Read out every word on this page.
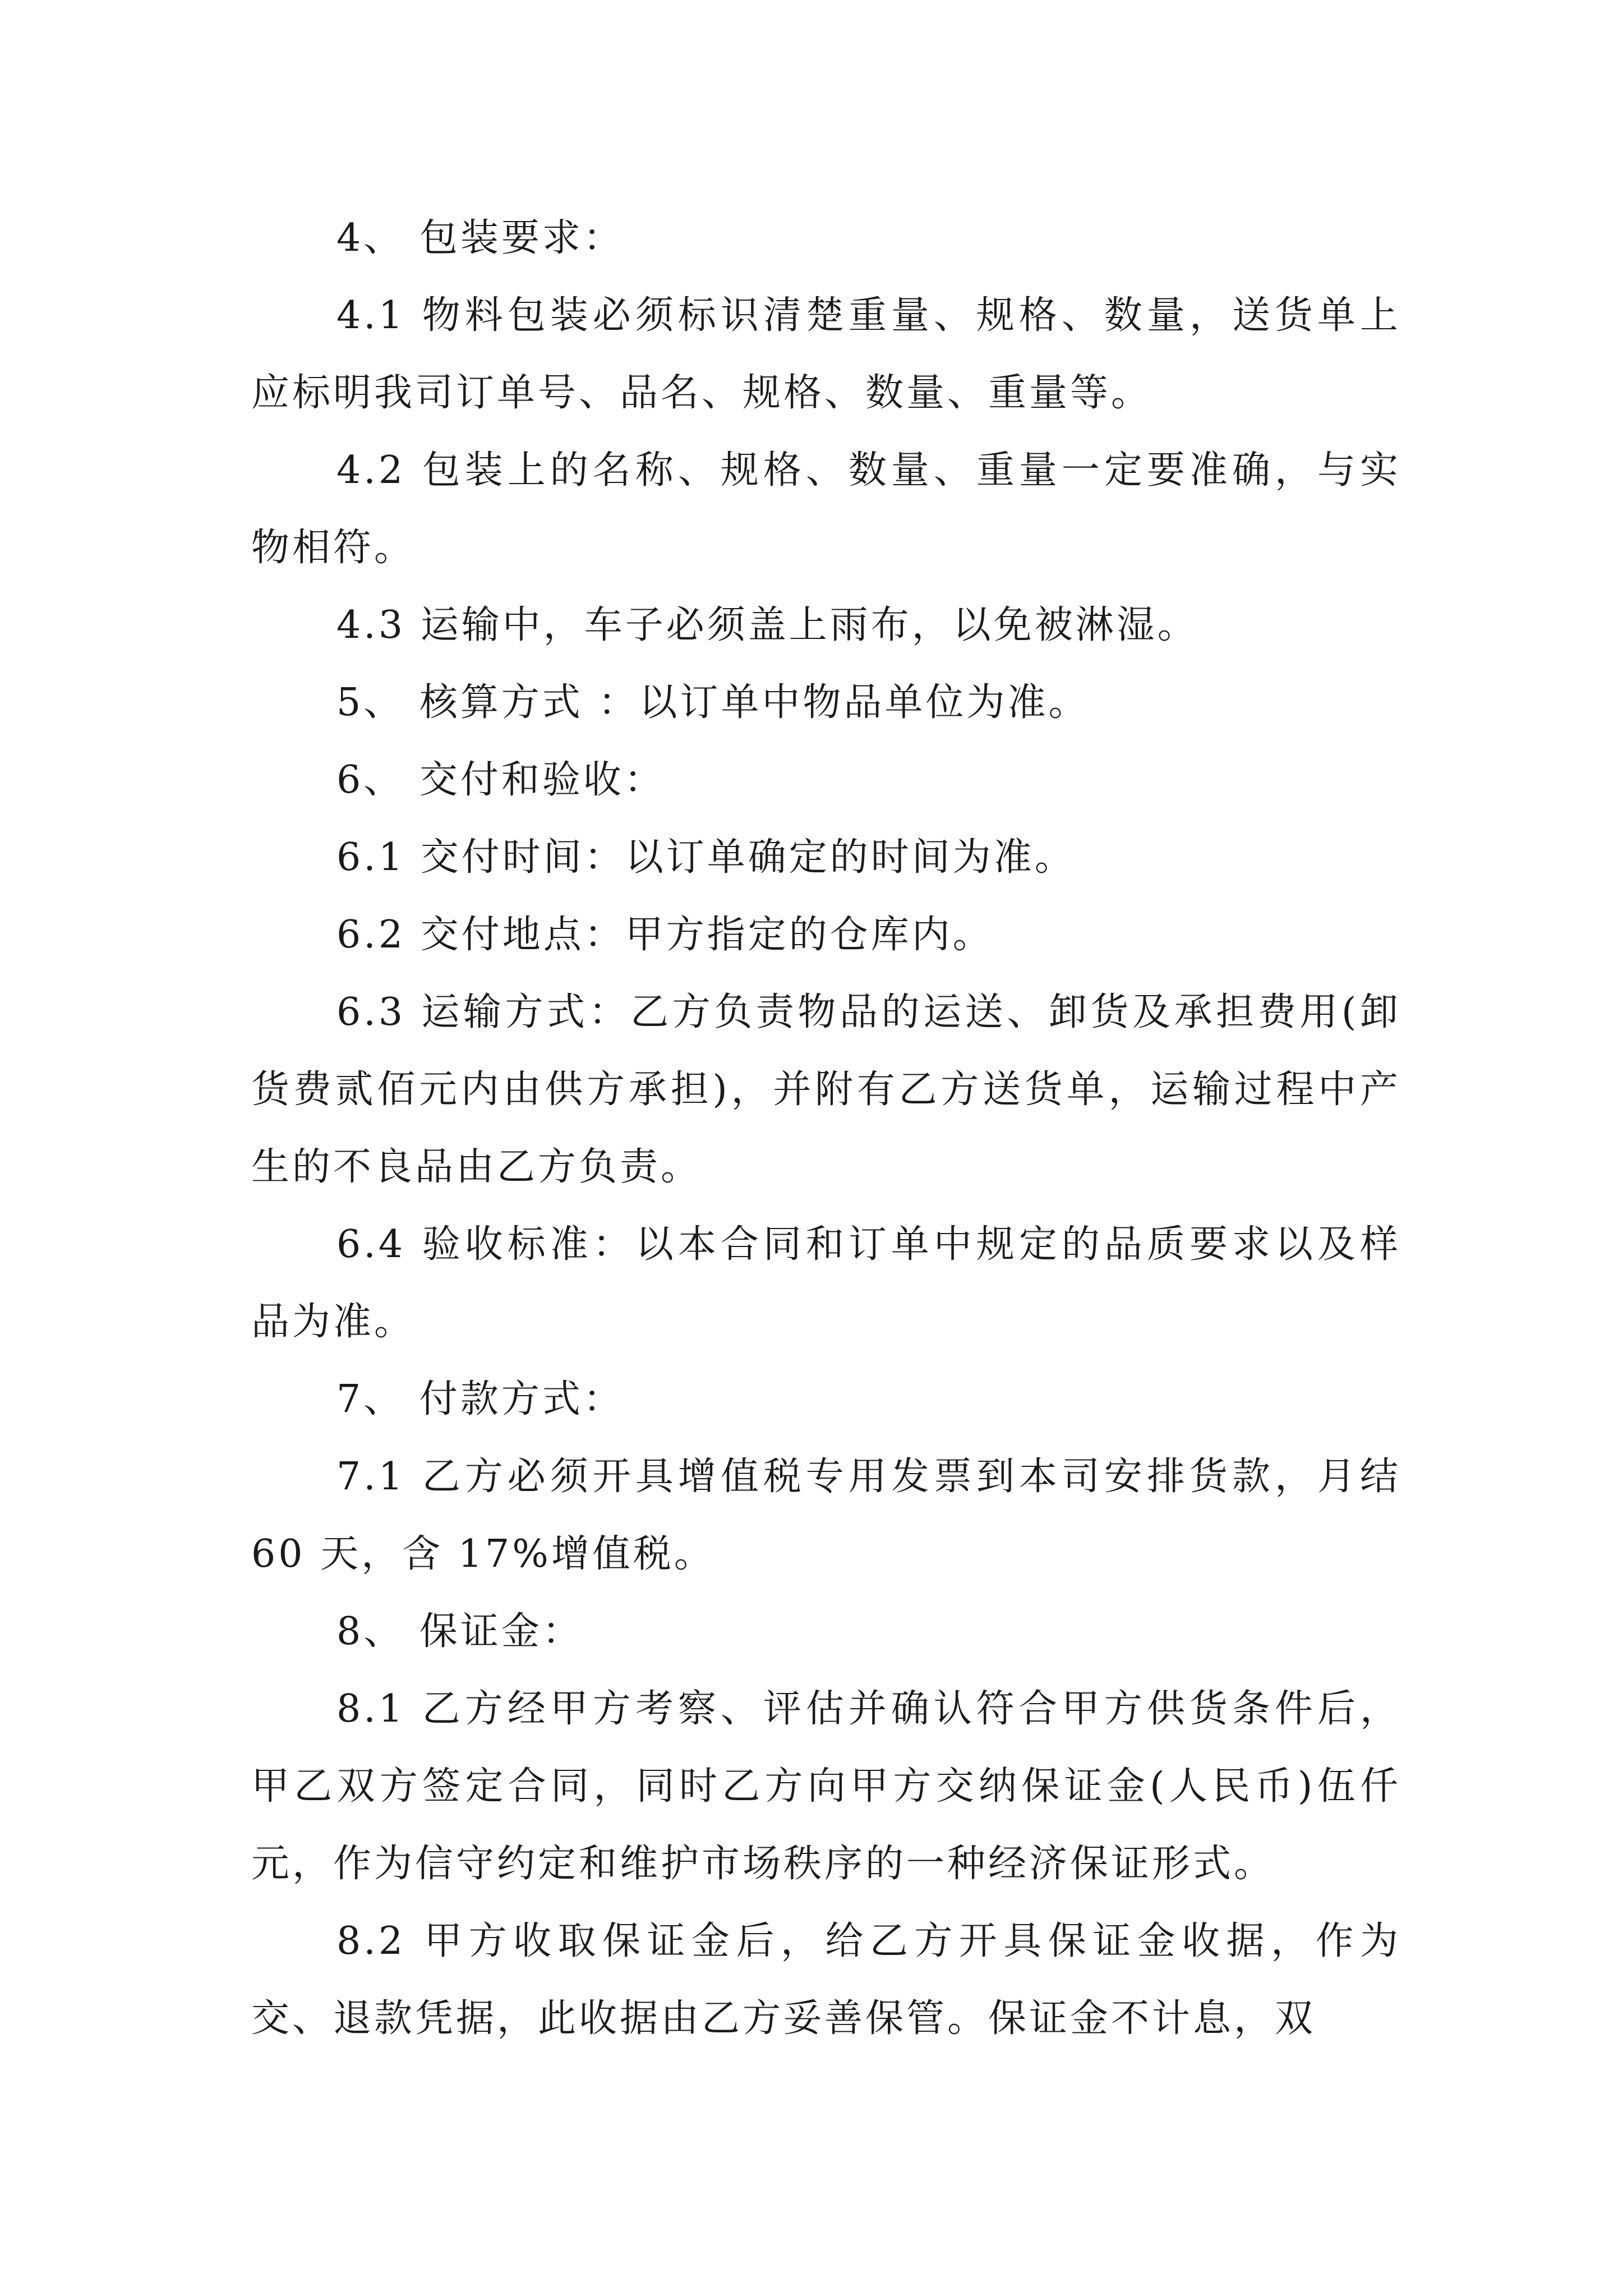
4、 包装要求：

4.1 物料包装必须标识清楚重量、规格、数量，送货单上应标明我司订单号、品名、规格、数量、重量等。

4.2 包装上的名称、规格、数量、重量一定要准确，与实物相符。

4.3 运输中，车子必须盖上雨布，以免被淋湿。

5、 核算方式 ：以订单中物品单位为准。

6、 交付和验收：

6.1 交付时间：以订单确定的时间为准。

6.2 交付地点：甲方指定的仓库内。

6.3 运输方式：乙方负责物品的运送、卸货及承担费用(卸货费贰佰元内由供方承担)，并附有乙方送货单，运输过程中产生的不良品由乙方负责。

6.4 验收标准：以本合同和订单中规定的品质要求以及样品为准。

7、 付款方式：

7.1 乙方必须开具增值税专用发票到本司安排货款，月结 60 天，含 17%增值税。

8、 保证金：

8.1 乙方经甲方考察、评估并确认符合甲方供货条件后，甲乙双方签定合同，同时乙方向甲方交纳保证金(人民币)伍仟元，作为信守约定和维护市场秩序的一种经济保证形式。

8.2 甲方收取保证金后，给乙方开具保证金收据，作为交、退款凭据，此收据由乙方妥善保管。保证金不计息，双
